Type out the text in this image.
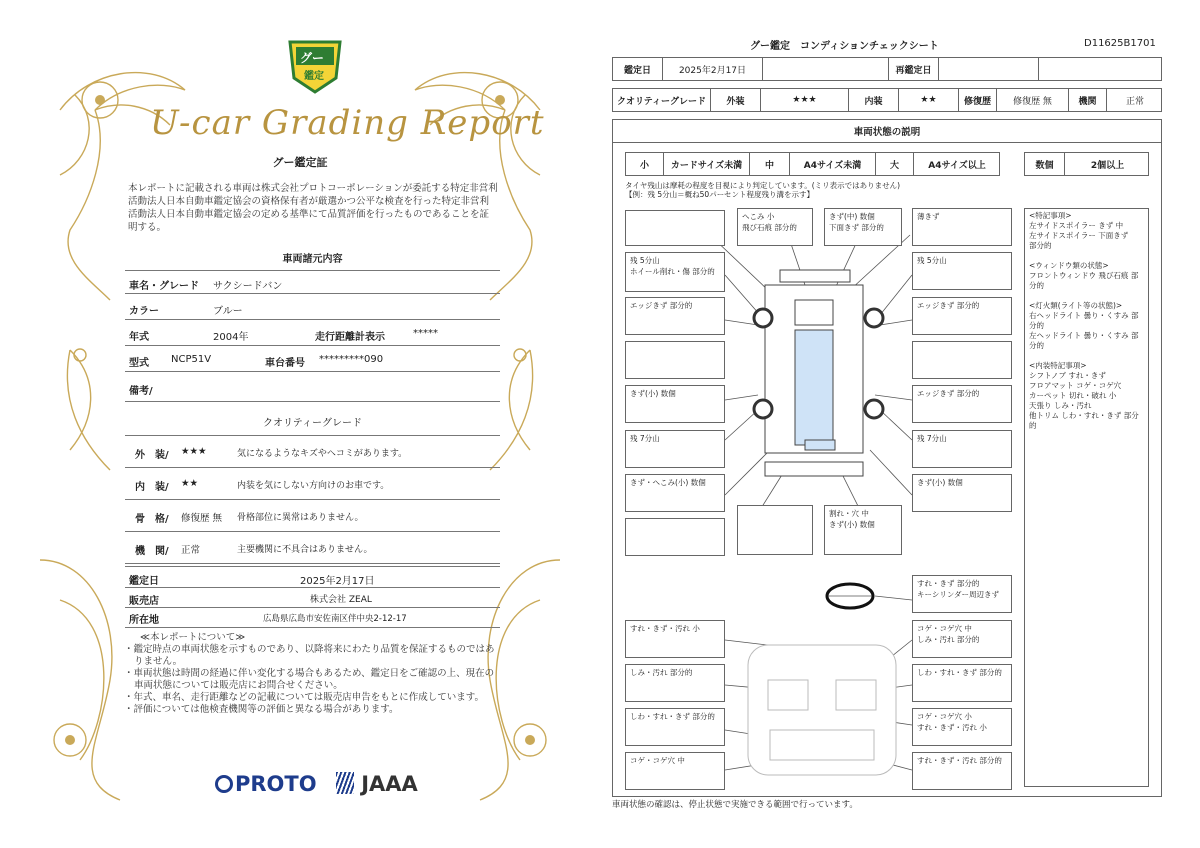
グー
鑑定
U-car Grading Report
グー鑑定証
本レポートに記載される車両は株式会社プロトコーポレーションが委託する特定非営利活動法人日本自動車鑑定協会の資格保有者が厳選かつ公平な検査を行った特定非営利活動法人日本自動車鑑定協会の定める基準にて品質評価を行ったものであることを証明する。
車両諸元内容
車名・グレード サクシードバン
カラー	ブルー
年式	2004年	走行距離計表示	*****
型式 NCP51V	車台番号 *********090
備考/
クオリティーグレード
外　装/ ★★★	気になるようなキズやヘコミがあります。
内　装/ ★★	内装を気にしない方向けのお車です。
骨　格/ 修復歴 無 骨格部位に異常はありません。
機　関/ 正常	主要機関に不具合はありません。
鑑定日	2025年2月17日
販売店	株式会社 ZEAL
所在地	広島県広島市安佐南区伴中央2-12-17
≪本レポートについて≫
・鑑定時点の車両状態を示すものであり、以降将来にわたり品質を保証するものではありません。
・車両状態は時間の経過に伴い変化する場合もあるため、鑑定日をご確認の上、現在の車両状態については販売店にお問合せください。
・年式、車名、走行距離などの記載については販売店申告をもとに作成しています。
・評価については他検査機関等の評価と異なる場合があります。
PROTO JAAA
グー鑑定　コンディションチェックシート	D11625B1701
鑑定日	2025年2月17日	再鑑定日
クオリティーグレード	外装	★★★	内装	★★	修復歴	修復歴 無	機関	正常
車両状態の説明
小	カードサイズ未満	中	A4サイズ未満	大	A4サイズ以上	数個	2個以上
タイヤ残山は摩耗の程度を目視により判定しています。(ミリ表示ではありません)
【例：残 5分山＝概ね50パーセント程度残り溝を示す】
残 5分山
ホイール削れ・傷 部分的
エッジきず 部分的
きず(小) 数個
残 7分山
きず・へこみ(小) 数個
へこみ 小
飛び石痕 部分的
きず(中) 数個
下面きず 部分的
薄きず
残 5分山
エッジきず 部分的
エッジきず 部分的
残 7分山
きず(小) 数個
割れ・穴 中
きず(小) 数個
<特記事項>
左サイドスポイラー きず 中
左サイドスポイラー 下面きず
部分的
<ウィンドウ類の状態>
フロントウィンドウ 飛び石痕 部分的
<灯火類(ライト等の状態)>
右ヘッドライト 曇り・くすみ 部分的
左ヘッドライト 曇り・くすみ 部分的
<内装特記事項>
シフトノブ すれ・きず
フロアマット コゲ・コゲ穴
カーペット 切れ・破れ 小
天張り しみ・汚れ
他トリム しわ・すれ・きず 部分的
すれ・きず 部分的
キーシリンダー周辺きず
すれ・きず・汚れ 小
しみ・汚れ 部分的
しわ・すれ・きず 部分的
コゲ・コゲ穴 中
コゲ・コゲ穴 中
しみ・汚れ 部分的
しわ・すれ・きず 部分的
コゲ・コゲ穴 小
すれ・きず・汚れ 小
すれ・きず・汚れ 部分的
車両状態の確認は、停止状態で実施できる範囲で行っています。
